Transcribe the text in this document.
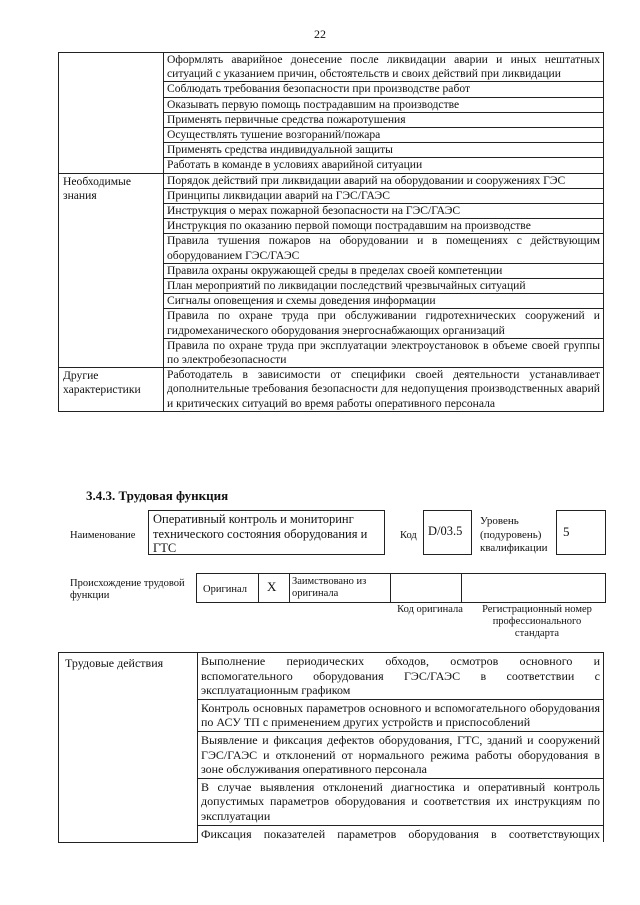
22
	Оформлять аварийное донесение после ликвидации аварии и иных нештатных ситуаций с указанием причин, обстоятельств и своих действий при ликвидации
	Соблюдать требования безопасности при производстве работ
	Оказывать первую помощь пострадавшим на производстве
	Применять первичные средства пожаротушения
	Осуществлять тушение возгораний/пожара
	Применять средства индивидуальной защиты
	Работать в команде в условиях аварийной ситуации
Необходимые знания	Порядок действий при ликвидации аварий на оборудовании и сооружениях ГЭС
	Принципы ликвидации аварий на ГЭС/ГАЭС
	Инструкция о мерах пожарной безопасности на ГЭС/ГАЭС
	Инструкция по оказанию первой помощи пострадавшим на производстве
	Правила тушения пожаров на оборудовании и в помещениях с действующим оборудованием ГЭС/ГАЭС
	Правила охраны окружающей среды в пределах своей компетенции
	План мероприятий по ликвидации последствий чрезвычайных ситуаций
	Сигналы оповещения и схемы доведения информации
	Правила по охране труда при обслуживании гидротехнических сооружений и гидромеханического оборудования энергоснабжающих организаций
	Правила по охране труда при эксплуатации электроустановок в объеме своей группы по электробезопасности
Другие характеристики	Работодатель в зависимости от специфики своей деятельности устанавливает дополнительные требования безопасности для недопущения производственных аварий и критических ситуаций во время работы оперативного персонала
3.4.3. Трудовая функция
Наименование
Оперативный контроль и мониторинг технического состояния оборудования и ГТС
Код D/03.5
Уровень (подуровень) квалификации
5
Происхождение трудовой функции
Оригинал X Заимствовано из оригинала
Код оригинала	Регистрационный номер профессионального стандарта
Трудовые действия	Выполнение периодических обходов, осмотров основного и вспомогательного оборудования ГЭС/ГАЭС в соответствии с эксплуатационным графиком
Контроль основных параметров основного и вспомогательного оборудования по АСУ ТП с применением других устройств и приспособлений
Выявление и фиксация дефектов оборудования, ГТС, зданий и сооружений ГЭС/ГАЭС и отклонений от нормального режима работы оборудования в зоне обслуживания оперативного персонала
В случае выявления отклонений диагностика и оперативный контроль допустимых параметров оборудования и соответствия их инструкциям по эксплуатации
Фиксация показателей параметров оборудования в соответствующих
